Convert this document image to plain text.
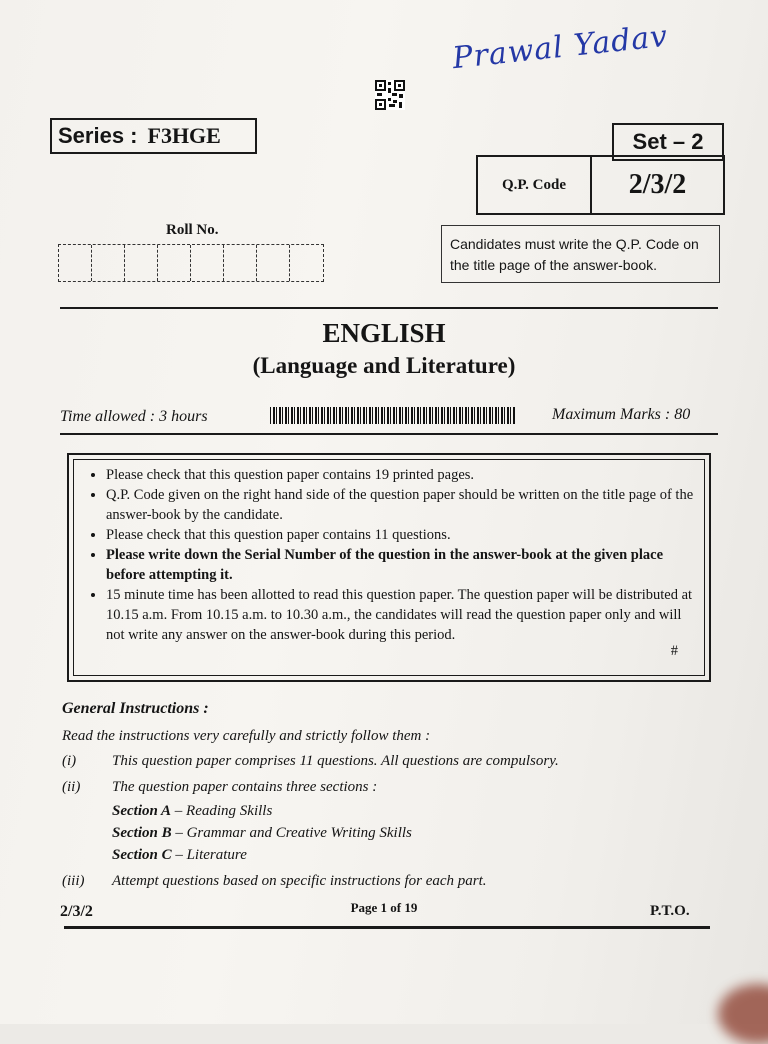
Prawal Yadav
Series : F3HGE	Set – 2
Q.P. Code	2/3/2
Roll No.
Candidates must write the Q.P. Code on the title page of the answer-book.
ENGLISH
(Language and Literature)
Time allowed : 3 hours	Maximum Marks : 80
• Please check that this question paper contains 19 printed pages.
• Q.P. Code given on the right hand side of the question paper should be written on the title page of the answer-book by the candidate.
• Please check that this question paper contains 11 questions.
• Please write down the Serial Number of the question in the answer-book at the given place before attempting it.
• 15 minute time has been allotted to read this question paper. The question paper will be distributed at 10.15 a.m. From 10.15 a.m. to 10.30 a.m., the candidates will read the question paper only and will not write any answer on the answer-book during this period.
#
General Instructions :
Read the instructions very carefully and strictly follow them :
(i) This question paper comprises 11 questions. All questions are compulsory.
(ii) The question paper contains three sections :
Section A – Reading Skills
Section B – Grammar and Creative Writing Skills
Section C – Literature
(iii) Attempt questions based on specific instructions for each part.
2/3/2	Page 1 of 19	P.T.O.
